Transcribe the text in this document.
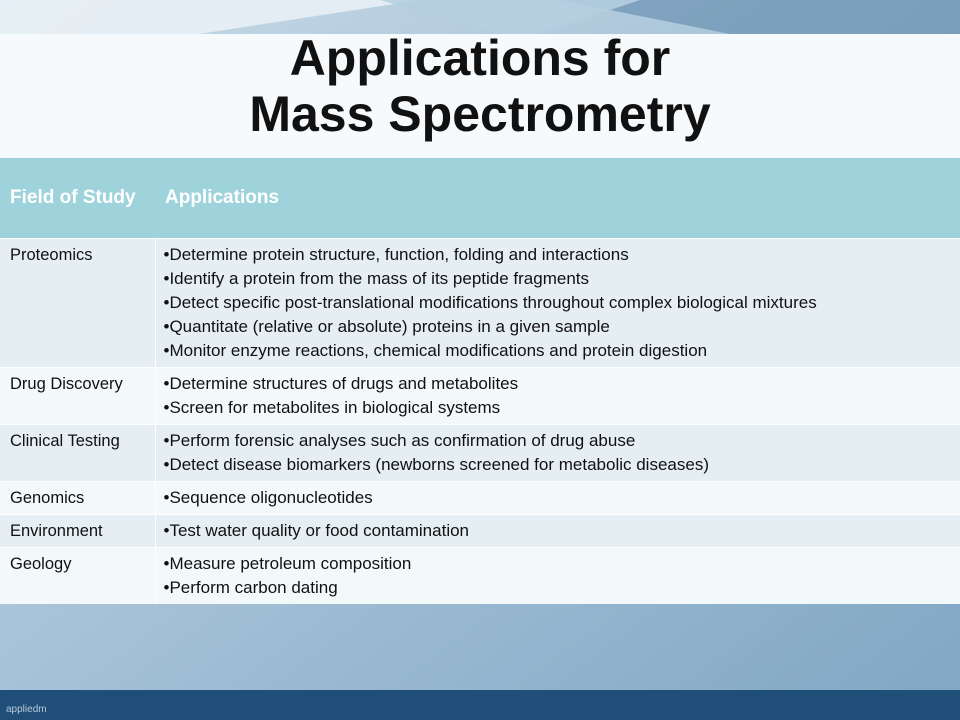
Applications for
Mass Spectrometry
Field of Study	Applications
Proteomics	• Determine protein structure, function, folding and interactions
• Identify a protein from the mass of its peptide fragments
• Detect specific post-translational modifications throughout complex biological mixtures
• Quantitate (relative or absolute) proteins in a given sample
• Monitor enzyme reactions, chemical modifications and protein digestion

Drug Discovery	• Determine structures of drugs and metabolites
• Screen for metabolites in biological systems

Clinical Testing	• Perform forensic analyses such as confirmation of drug abuse
• Detect disease biomarkers (newborns screened for metabolic diseases)

Genomics	• Sequence oligonucleotides

Environment	• Test water quality or food contamination

Geology	• Measure petroleum composition
• Perform carbon dating
appliedm
